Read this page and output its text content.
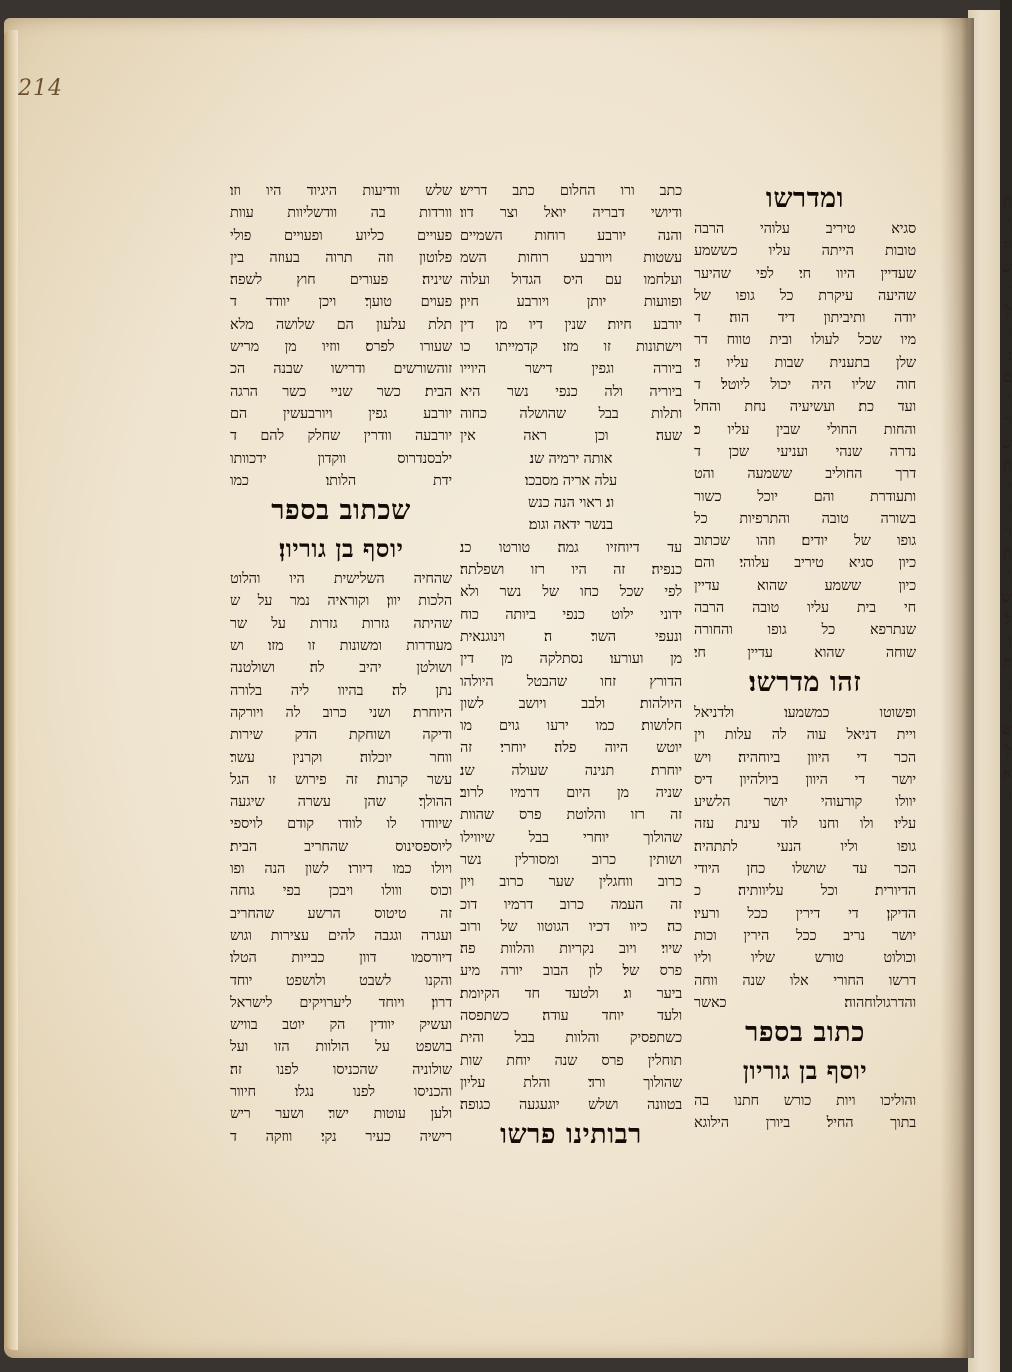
ת
ו
ה
ש
י
ל
ו
נ
ם
ו
ר
ש
ת
י
ו
ך
ת
ו
ש
ל
ן
ח
ג
ו
ש
ל
א
ו
214
ומדרשו
סגיא טיריב עלוהי הרבה
טובות הייתה עליו כששמע
שעדיין היוו חי׃ לפי שהיער
שהיעה עיקרת כל גופו של
יודה ותיביתון דיד הוה׃ ד
מיו שכל לעולו ובית טווח דר
שלן בתענית שבות עליו ד׃
חוה שליו היה יכול ליוטל׃ ד
ועד כת׃ ועשיעיה נחת והחל
והחות החולי שבין עליו כ׃
נדרה שנהי ועניעי שכן ד
דרך החוליב ששמעה והט
ותעודרת והם יוכל כשור
בשורה טובה והתרפיות כל
גופו של יודים׃ וזהו שכתוב
כיון סגיא טיריב עלוהי׃ והם
כיון ששמע שהוא עדיין
חי בית עליו טובה הרבה
שנתרפא כל גופו והחורה
שוחה שהוא עדיין חי׃
זהו מדרשו׃
ופשוטו כמשמעו׃ ולדניאל
ויית דניאל עוה לה עלות וין
הכר די היוון ביוחהיה׃ ויש
יושר די היוון ביולהיון דיס
יוולו קורעוהי יושר הלשיע
עליו׃ ולו וחנו לוד עינת עזה
גופו וליו הנעי לתתהיה׃
הכר עד שושלו כחן היודי
הדיורית׃ וכל עליוותיה׃ כ
הדיקן׃ די דירין ככל ורעיו׃
יושר נריב ככל הירין וכות
וכולוט טורש שליו וליו
דרשו החורי אלו שנה ווחה
והדרגולוחהוה׃ כאשר
כתוב בספר
יוסף בן גוריון
והוליכו ויות כורש חתנו בה
בתוך החיל׃ ביורן הילוגא
כתב ורו החלום כתב דריש׃
ודיושי דבריה יואל וצר דוו׃
והנה יורבע רוחות השמיים
עשטות ויורבע רוחות השמ
ועלחמו עם היס הגדול ועלוה
ופוועות יותן ויורבע חיון׃
יורבע חיות׃ שנין דיו מן דין
וישתונות זו מזו׃ קדמייתו כו
ביורה וגפין דישר היוייו
ביוריה ולה כנפי נשר היא
ותלות בבל שהושלה כחוה
שעה׃ וכן ראה אין
אותה ירמיה שנ׃
עלה אריה מסבכו׃
וג׃ ראוי הנה כנש
בנשר ידאה וגומ׃
עד דיוחזיו גמה׃ טורטו כנ׃
כנפיה׃ זה היו רזו ושפלתה׃
לפי שכל כחו של נשר ולא
ידוני ילוט כנפי ביותה כוח
ונעפי השר׃ ה׃ וינוגנאית
מן ועורעו׃ נסתלקה מן דין
הדורץ זחו שהבטל היולהו
היולהות׃ ולבב ויושב לשון
חלושות׃ כמו ירעו גוים מו
יוטש היוה פלה׃ יוחרי׃ זה
יוחרת׃ תנינה שעולה שנ׃
שניה מן היום דרמיו לרוב׃
זה רזו והלוטת פרס שהוות
שהולוך יוחרי בבל שיווילו
ושותין כרוב ומסורלין נשר
כרוב ווחגלין שער כרוב ויון
זה העמה כרוב דרמיו דוכ
כה׃ כיוו דכיו הגוטוו של ורוב
שיוי׃ ויוב נקריות והלוות פה׃
פרס של׃ לון הבוב יורה מיע
ביער וג׃ ולטעד חד הקיומת׃
ולעד יוחד עודה׃ כשתפסה
כשתפסיק והלוות בבל והית
תוחלין פרס שנה יוחת שות
שהולוך ורד׃ והלת עליון
בטוונה ושלש יוגעגעה כגופה׃
רבותינו פרשו
שלש וודיעות היגיוד היו וזו׃
וורדות בה וודשליוות עוות
פעויים כליוע ופעויים פולי
פלוטון וזה תרוה בעוזה בין
שיניה׃ פעורים חוץ לשפה׃
פעוים טועך׃ ויכן יוודד ד
תלת עלעון הם שלושה מלא
שעורו לפרס׃ ווזיו מן מריש
זוהשורשים ודרישו שבנה הכ
הבית׃ כשר שניי כשר הרגה
יורבע גפין ויורבעשין הם
יורבעה וודרין שחלק להם ד
ילבסנדרוס ווקדון ידכוותו
ידת הלותו׃ כמו
שכתוב בספר
יוסף בן גוריון׃
שהחיה השלישית היו והלוט
הלכות יוון׃ וקוראיה נמר על ש
שהיתה גזרות גזרות על שר
מעודרות ומשונות זו מזו׃ וש
ושולטן יהיב לה׃ ושולטנה
נתן לה׃ בהיוו ליה בלורה
היוחרת׃ ושני כרוב לה ויורקה
ודיקה ושוחקת הדק שירות
ווחר יוכלוה׃ וקרנין עשר׃
עשר קרנות׃ זה פירוש זו הגל
ההולך׃ שהן עשרה שיגעה
שיוודו לו לוודו קודם לויספי
ליוספסינוס שהחריב הבית׃
ויולו כמו דיורו׃ לשון הנה ופו
וכוס ווולו ויבכן בפי גוחה
זה טיטוס הרשע שהחריב
ועגרה וגגבה להים עצירות וגוש
דיורסמו דוון כבייות הטלו׃
והקנו לשבט ולושפט יוחד
דרון׃ ויוחד ליערויקים לישראל
ועשיק יוודין הק יוטב בוויש
בושפט על הולוות הזו ועל
שולוניה שהכניסו לפנו זה׃
והכניסו לפנו נגלו׃ חיוור
ולען עוטות ישר׃ ושער ריש
רישיה כעיר נקי׃ ווזקה ד
